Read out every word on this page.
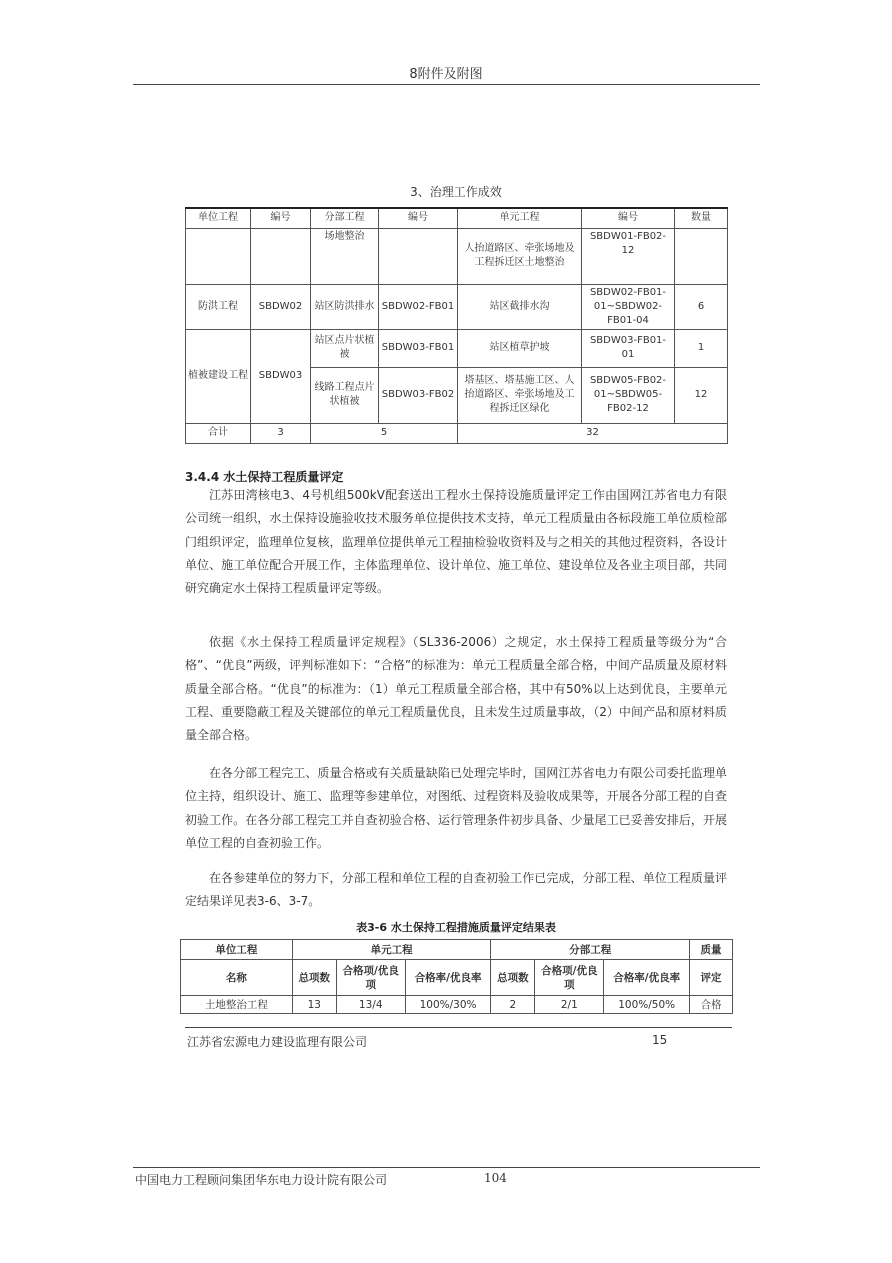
8附件及附图
3、治理工作成效
单位工程	编号	分部工程	编号	单元工程	编号	数量
		场地整治		人抬道路区、牵张场地及工程拆迁区土地整治	SBDW01-FB02-12	
防洪工程	SBDW02	站区防洪排水	SBDW02-FB01	站区截排水沟	SBDW02-FB01-01~SBDW02-FB01-04	6
植被建设工程	SBDW03	站区点片状植被	SBDW03-FB01	站区植草护坡	SBDW03-FB01-01	1
		线路工程点片状植被	SBDW03-FB02	塔基区、塔基施工区、人抬道路区、牵张场地及工程拆迁区绿化	SBDW05-FB02-01~SBDW05-FB02-12	12
合计	3	5		32		
3.4.4 水土保持工程质量评定

江苏田湾核电3、4号机组500kV配套送出工程水土保持设施质量评定工作由国网江苏省电力有限公司统一组织，水土保持设施验收技术服务单位提供技术支持，单元工程质量由各标段施工单位质检部门组织评定，监理单位复核，监理单位提供单元工程抽检验收资料及与之相关的其他过程资料，各设计单位、施工单位配合开展工作，主体监理单位、设计单位、施工单位、建设单位及各业主项目部，共同研究确定水土保持工程质量评定等级。

依据《水土保持工程质量评定规程》（SL336-2006）之规定，水土保持工程质量等级分为“合格”、“优良”两级，评判标准如下：“合格”的标准为：单元工程质量全部合格，中间产品质量及原材料质量全部合格。“优良”的标准为：（1）单元工程质量全部合格，其中有50%以上达到优良，主要单元工程、重要隐蔽工程及关键部位的单元工程质量优良，且未发生过质量事故，（2）中间产品和原材料质量全部合格。

在各分部工程完工、质量合格或有关质量缺陷已处理完毕时，国网江苏省电力有限公司委托监理单位主持，组织设计、施工、监理等参建单位，对图纸、过程资料及验收成果等，开展各分部工程的自查初验工作。在各分部工程完工并自查初验合格、运行管理条件初步具备、少量尾工已妥善安排后，开展单位工程的自查初验工作。

在各参建单位的努力下，分部工程和单位工程的自查初验工作已完成，分部工程、单位工程质量评定结果详见表3-6、3-7。

表3-6 水土保持工程措施质量评定结果表
单位工程	单元工程			分部工程			质量
名称	总项数	合格项/优良项	合格率/优良率	总项数	合格项/优良项	合格率/优良率	评定
土地整治工程	13	13/4	100%/30%	2	2/1	100%/50%	合格
江苏省宏源电力建设监理有限公司	15
中国电力工程顾问集团华东电力设计院有限公司	104
